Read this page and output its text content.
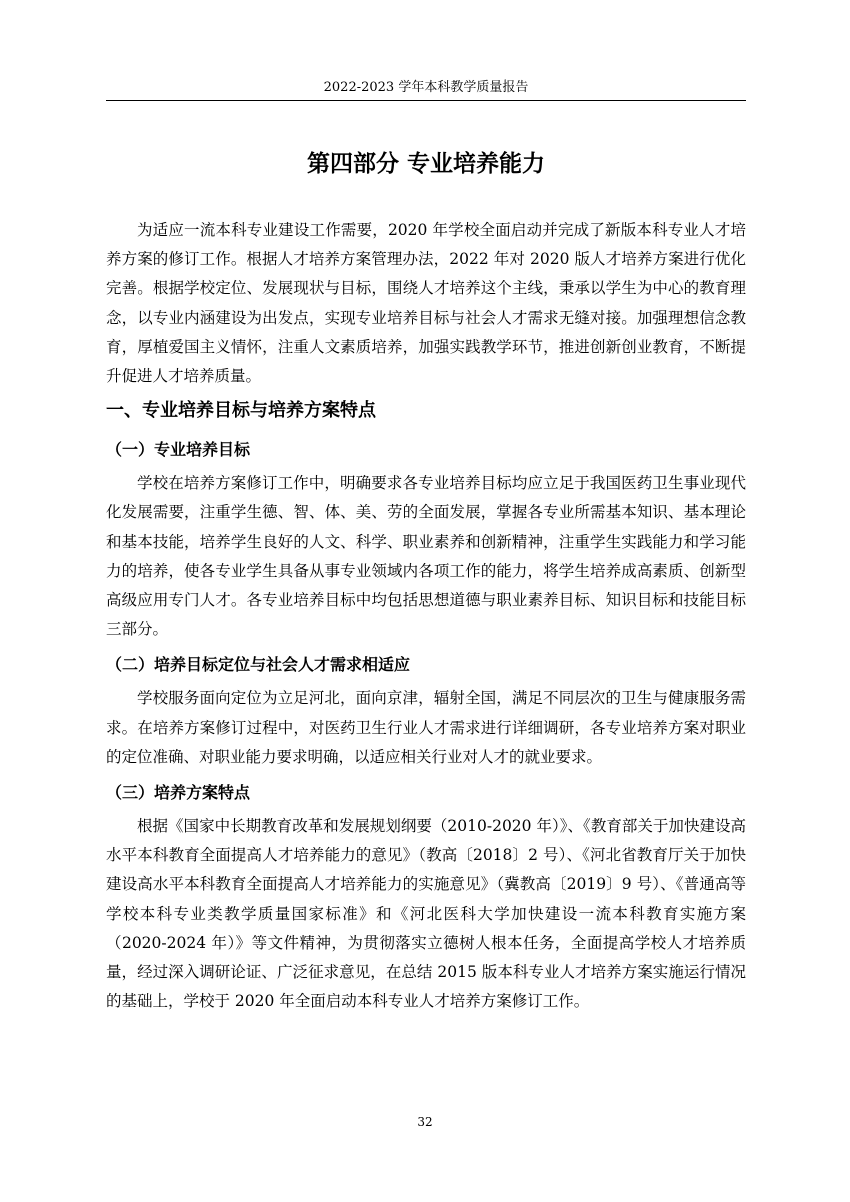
2022-2023 学年本科教学质量报告
第四部分 专业培养能力

为适应一流本科专业建设工作需要，2020 年学校全面启动并完成了新版本科专业人才培养方案的修订工作。根据人才培养方案管理办法，2022 年对 2020 版人才培养方案进行优化完善。根据学校定位、发展现状与目标，围绕人才培养这个主线，秉承以学生为中心的教育理念，以专业内涵建设为出发点，实现专业培养目标与社会人才需求无缝对接。加强理想信念教育，厚植爱国主义情怀，注重人文素质培养，加强实践教学环节，推进创新创业教育，不断提升促进人才培养质量。

一、专业培养目标与培养方案特点
（一）专业培养目标

学校在培养方案修订工作中，明确要求各专业培养目标均应立足于我国医药卫生事业现代化发展需要，注重学生德、智、体、美、劳的全面发展，掌握各专业所需基本知识、基本理论和基本技能，培养学生良好的人文、科学、职业素养和创新精神，注重学生实践能力和学习能力的培养，使各专业学生具备从事专业领域内各项工作的能力，将学生培养成高素质、创新型高级应用专门人才。各专业培养目标中均包括思想道德与职业素养目标、知识目标和技能目标三部分。

（二）培养目标定位与社会人才需求相适应

学校服务面向定位为立足河北，面向京津，辐射全国，满足不同层次的卫生与健康服务需求。在培养方案修订过程中，对医药卫生行业人才需求进行详细调研，各专业培养方案对职业的定位准确、对职业能力要求明确，以适应相关行业对人才的就业要求。

（三）培养方案特点

根据《国家中长期教育改革和发展规划纲要（2010-2020 年）》、《教育部关于加快建设高水平本科教育全面提高人才培养能力的意见》（教高〔2018〕2 号）、《河北省教育厅关于加快建设高水平本科教育全面提高人才培养能力的实施意见》（冀教高〔2019〕9 号）、《普通高等学校本科专业类教学质量国家标准》和《河北医科大学加快建设一流本科教育实施方案（2020-2024 年）》等文件精神，为贯彻落实立德树人根本任务，全面提高学校人才培养质量，经过深入调研论证、广泛征求意见，在总结 2015 版本科专业人才培养方案实施运行情况的基础上，学校于 2020 年全面启动本科专业人才培养方案修订工作。

32
